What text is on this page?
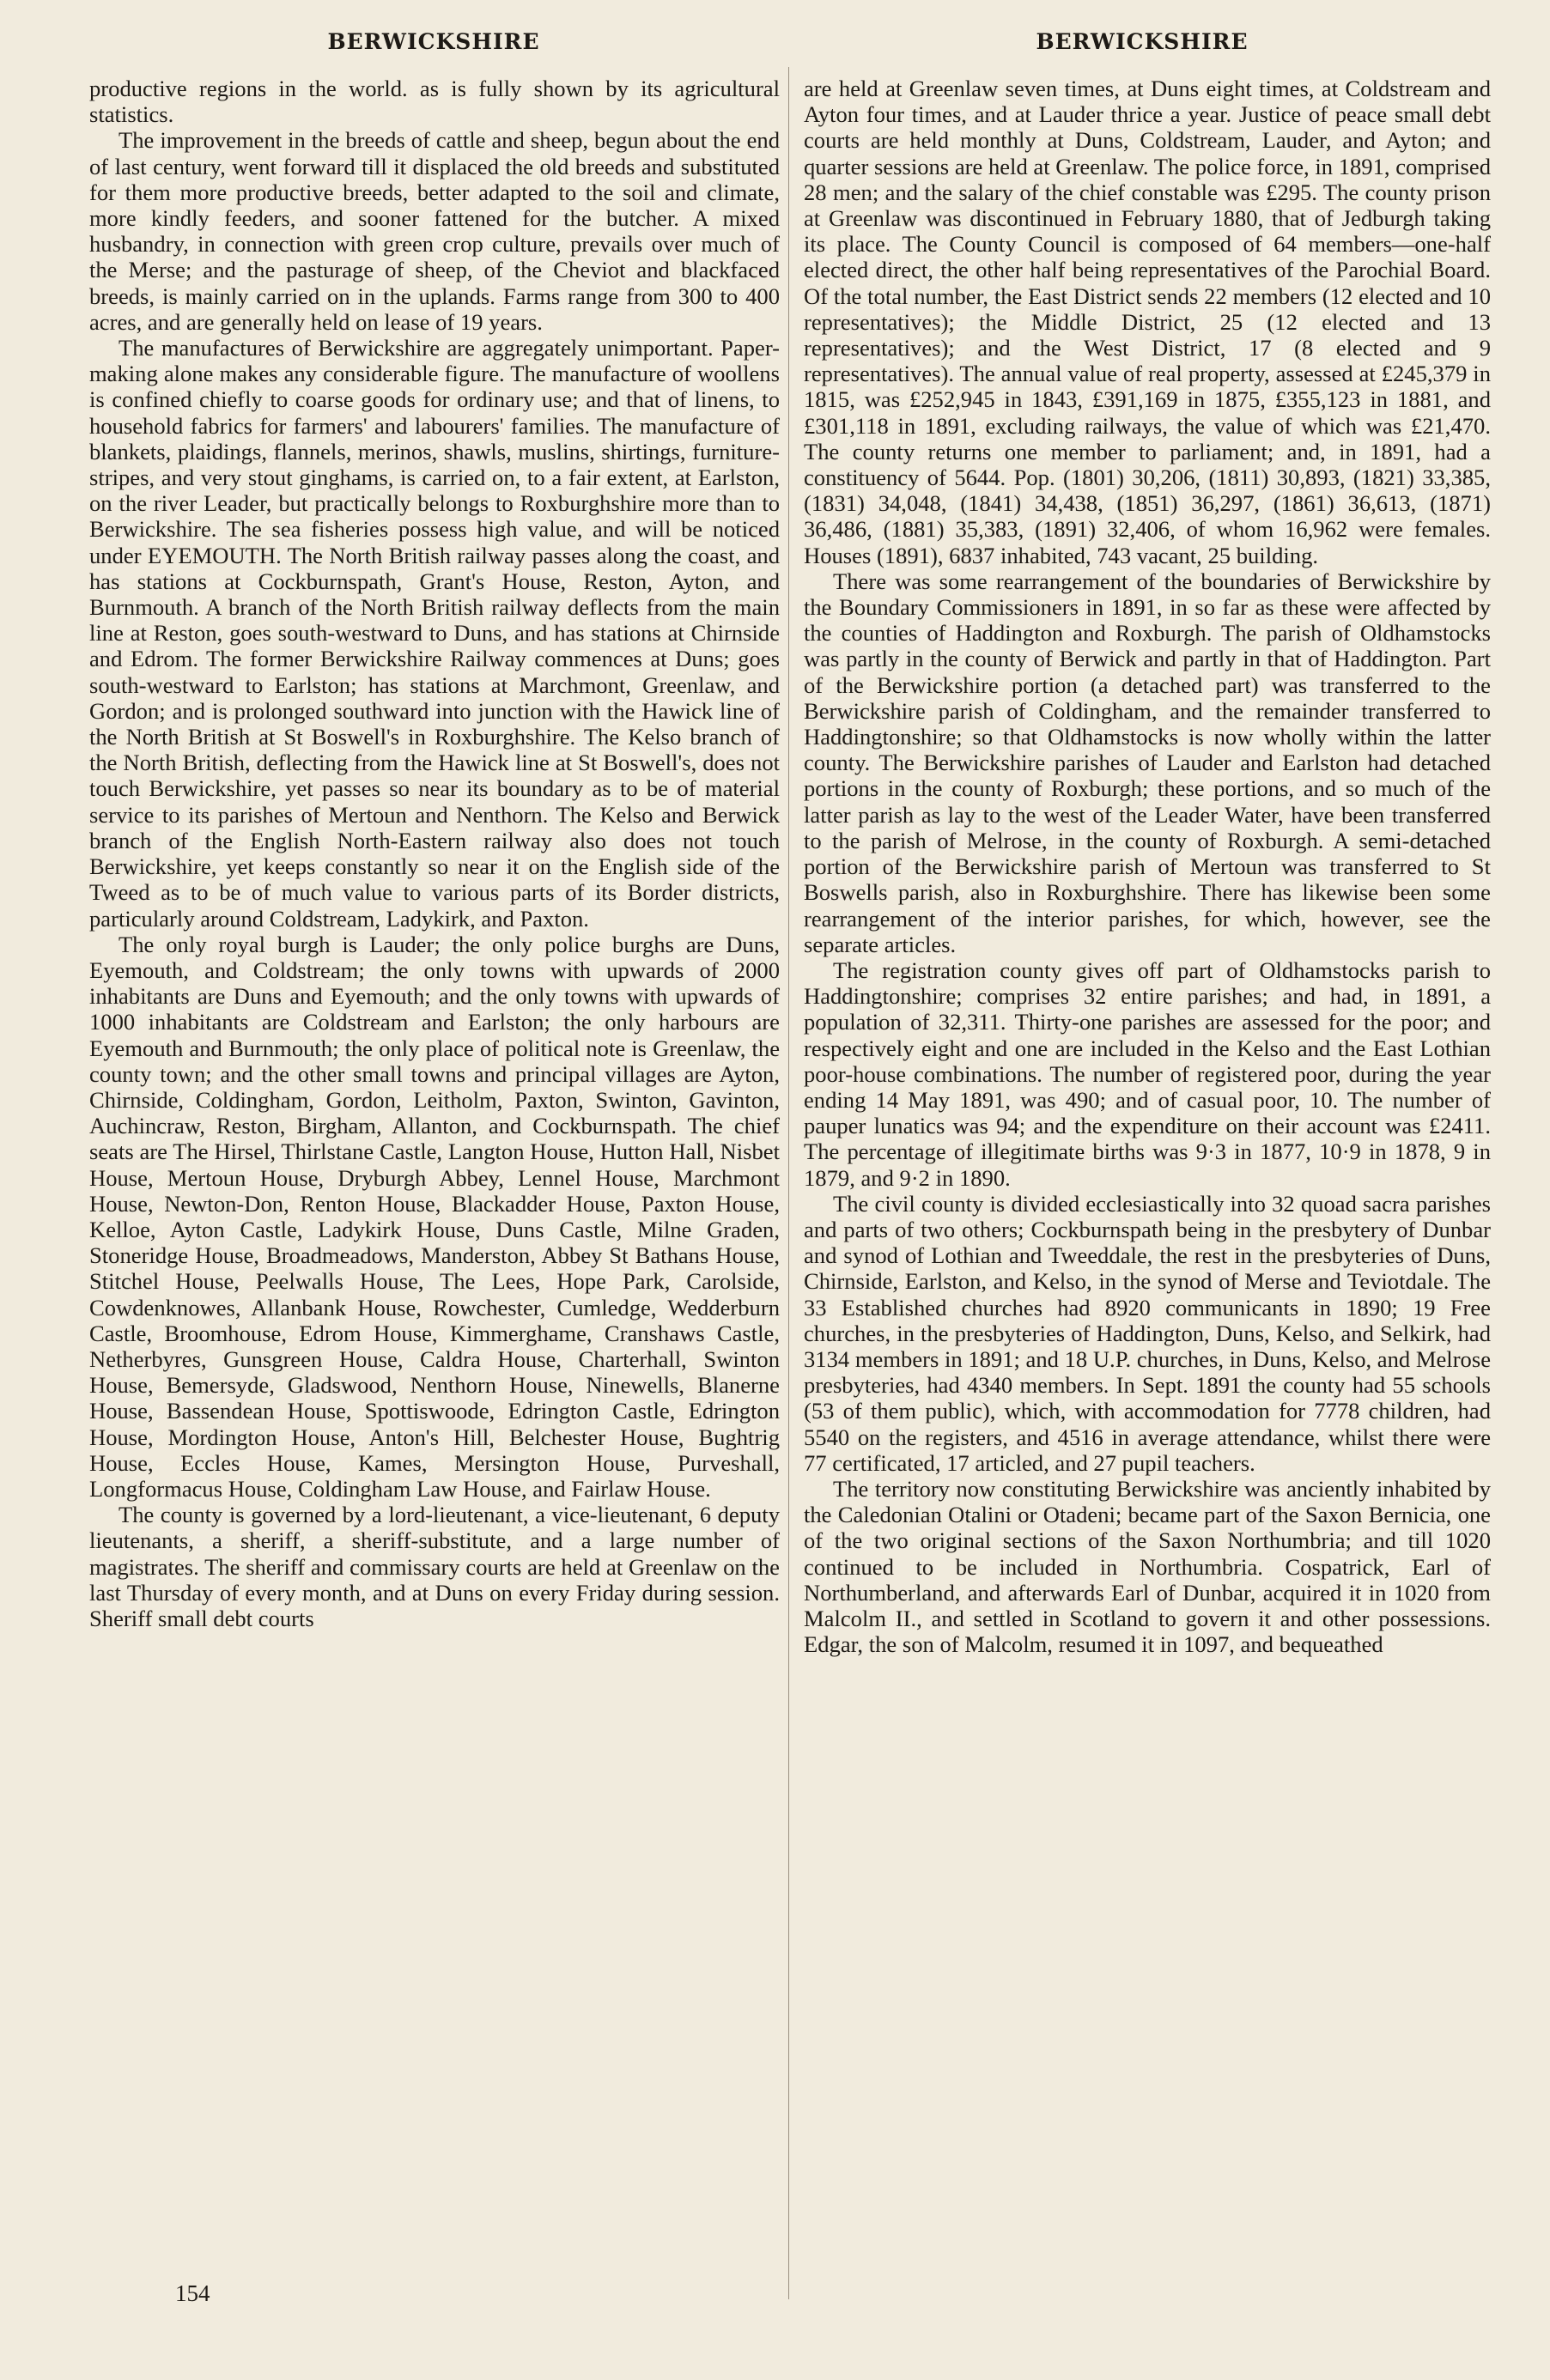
BERWICKSHIRE	BERWICKSHIRE

productive regions in the world. as is fully shown by its agricultural statistics.

The improvement in the breeds of cattle and sheep, begun about the end of last century, went forward till it displaced the old breeds and substituted for them more productive breeds, better adapted to the soil and climate, more kindly feeders, and sooner fattened for the butcher. A mixed husbandry, in connection with green crop culture, prevails over much of the Merse; and the pasturage of sheep, of the Cheviot and blackfaced breeds, is mainly carried on in the uplands. Farms range from 300 to 400 acres, and are generally held on lease of 19 years.

The manufactures of Berwickshire are aggregately unimportant. Paper-making alone makes any considerable figure. The manufacture of woollens is confined chiefly to coarse goods for ordinary use; and that of linens, to household fabrics for farmers' and labourers' families. The manufacture of blankets, plaidings, flannels, merinos, shawls, muslins, shirtings, furniture-stripes, and very stout ginghams, is carried on, to a fair extent, at Earlston, on the river Leader, but practically belongs to Roxburghshire more than to Berwickshire. The sea fisheries possess high value, and will be noticed under EYEMOUTH. The North British railway passes along the coast, and has stations at Cockburnspath, Grant's House, Reston, Ayton, and Burnmouth. A branch of the North British railway deflects from the main line at Reston, goes south-westward to Duns, and has stations at Chirnside and Edrom. The former Berwickshire Railway commences at Duns; goes south-westward to Earlston; has stations at Marchmont, Greenlaw, and Gordon; and is prolonged southward into junction with the Hawick line of the North British at St Boswell's in Roxburghshire. The Kelso branch of the North British, deflecting from the Hawick line at St Boswell's, does not touch Berwickshire, yet passes so near its boundary as to be of material service to its parishes of Mertoun and Nenthorn. The Kelso and Berwick branch of the English North-Eastern railway also does not touch Berwickshire, yet keeps constantly so near it on the English side of the Tweed as to be of much value to various parts of its Border districts, particularly around Coldstream, Ladykirk, and Paxton.

The only royal burgh is Lauder; the only police burghs are Duns, Eyemouth, and Coldstream; the only towns with upwards of 2000 inhabitants are Duns and Eyemouth; and the only towns with upwards of 1000 inhabitants are Coldstream and Earlston; the only harbours are Eyemouth and Burnmouth; the only place of political note is Greenlaw, the county town; and the other small towns and principal villages are Ayton, Chirnside, Coldingham, Gordon, Leitholm, Paxton, Swinton, Gavinton, Auchincraw, Reston, Birgham, Allanton, and Cockburnspath. The chief seats are The Hirsel, Thirlstane Castle, Langton House, Hutton Hall, Nisbet House, Mertoun House, Dryburgh Abbey, Lennel House, Marchmont House, Newton-Don, Renton House, Blackadder House, Paxton House, Kelloe, Ayton Castle, Ladykirk House, Duns Castle, Milne Graden, Stoneridge House, Broadmeadows, Manderston, Abbey St Bathans House, Stitchel House, Peelwalls House, The Lees, Hope Park, Carolside, Cowdenknowes, Allanbank House, Rowchester, Cumledge, Wedderburn Castle, Broomhouse, Edrom House, Kimmerghame, Cranshaws Castle, Netherbyres, Gunsgreen House, Caldra House, Charterhall, Swinton House, Bemersyde, Gladswood, Nenthorn House, Ninewells, Blanerne House, Bassendean House, Spottiswoode, Edrington Castle, Edrington House, Mordington House, Anton's Hill, Belchester House, Bughtrig House, Eccles House, Kames, Mersington House, Purveshall, Longformacus House, Coldingham Law House, and Fairlaw House.

The county is governed by a lord-lieutenant, a vice-lieutenant, 6 deputy lieutenants, a sheriff, a sheriff-substitute, and a large number of magistrates. The sheriff and commissary courts are held at Greenlaw on the last Thursday of every month, and at Duns on every Friday during session. Sheriff small debt courts

are held at Greenlaw seven times, at Duns eight times, at Coldstream and Ayton four times, and at Lauder thrice a year. Justice of peace small debt courts are held monthly at Duns, Coldstream, Lauder, and Ayton; and quarter sessions are held at Greenlaw. The police force, in 1891, comprised 28 men; and the salary of the chief constable was £295. The county prison at Greenlaw was discontinued in February 1880, that of Jedburgh taking its place. The County Council is composed of 64 members—one-half elected direct, the other half being representatives of the Parochial Board. Of the total number, the East District sends 22 members (12 elected and 10 representatives); the Middle District, 25 (12 elected and 13 representatives); and the West District, 17 (8 elected and 9 representatives). The annual value of real property, assessed at £245,379 in 1815, was £252,945 in 1843, £391,169 in 1875, £355,123 in 1881, and £301,118 in 1891, excluding railways, the value of which was £21,470. The county returns one member to parliament; and, in 1891, had a constituency of 5644. Pop. (1801) 30,206, (1811) 30,893, (1821) 33,385, (1831) 34,048, (1841) 34,438, (1851) 36,297, (1861) 36,613, (1871) 36,486, (1881) 35,383, (1891) 32,406, of whom 16,962 were females. Houses (1891), 6837 inhabited, 743 vacant, 25 building.

There was some rearrangement of the boundaries of Berwickshire by the Boundary Commissioners in 1891, in so far as these were affected by the counties of Haddington and Roxburgh. The parish of Oldhamstocks was partly in the county of Berwick and partly in that of Haddington. Part of the Berwickshire portion (a detached part) was transferred to the Berwickshire parish of Coldingham, and the remainder transferred to Haddingtonshire; so that Oldhamstocks is now wholly within the latter county. The Berwickshire parishes of Lauder and Earlston had detached portions in the county of Roxburgh; these portions, and so much of the latter parish as lay to the west of the Leader Water, have been transferred to the parish of Melrose, in the county of Roxburgh. A semi-detached portion of the Berwickshire parish of Mertoun was transferred to St Boswells parish, also in Roxburghshire. There has likewise been some rearrangement of the interior parishes, for which, however, see the separate articles.

The registration county gives off part of Oldhamstocks parish to Haddingtonshire; comprises 32 entire parishes; and had, in 1891, a population of 32,311. Thirty-one parishes are assessed for the poor; and respectively eight and one are included in the Kelso and the East Lothian poor-house combinations. The number of registered poor, during the year ending 14 May 1891, was 490; and of casual poor, 10. The number of pauper lunatics was 94; and the expenditure on their account was £2411. The percentage of illegitimate births was 9·3 in 1877, 10·9 in 1878, 9 in 1879, and 9·2 in 1890.

The civil county is divided ecclesiastically into 32 quoad sacra parishes and parts of two others; Cockburnspath being in the presbytery of Dunbar and synod of Lothian and Tweeddale, the rest in the presbyteries of Duns, Chirnside, Earlston, and Kelso, in the synod of Merse and Teviotdale. The 33 Established churches had 8920 communicants in 1890; 19 Free churches, in the presbyteries of Haddington, Duns, Kelso, and Selkirk, had 3134 members in 1891; and 18 U.P. churches, in Duns, Kelso, and Melrose presbyteries, had 4340 members. In Sept. 1891 the county had 55 schools (53 of them public), which, with accommodation for 7778 children, had 5540 on the registers, and 4516 in average attendance, whilst there were 77 certificated, 17 articled, and 27 pupil teachers.

The territory now constituting Berwickshire was anciently inhabited by the Caledonian Otalini or Otadeni; became part of the Saxon Bernicia, one of the two original sections of the Saxon Northumbria; and till 1020 continued to be included in Northumbria. Cospatrick, Earl of Northumberland, and afterwards Earl of Dunbar, acquired it in 1020 from Malcolm II., and settled in Scotland to govern it and other possessions. Edgar, the son of Malcolm, resumed it in 1097, and bequeathed

154
